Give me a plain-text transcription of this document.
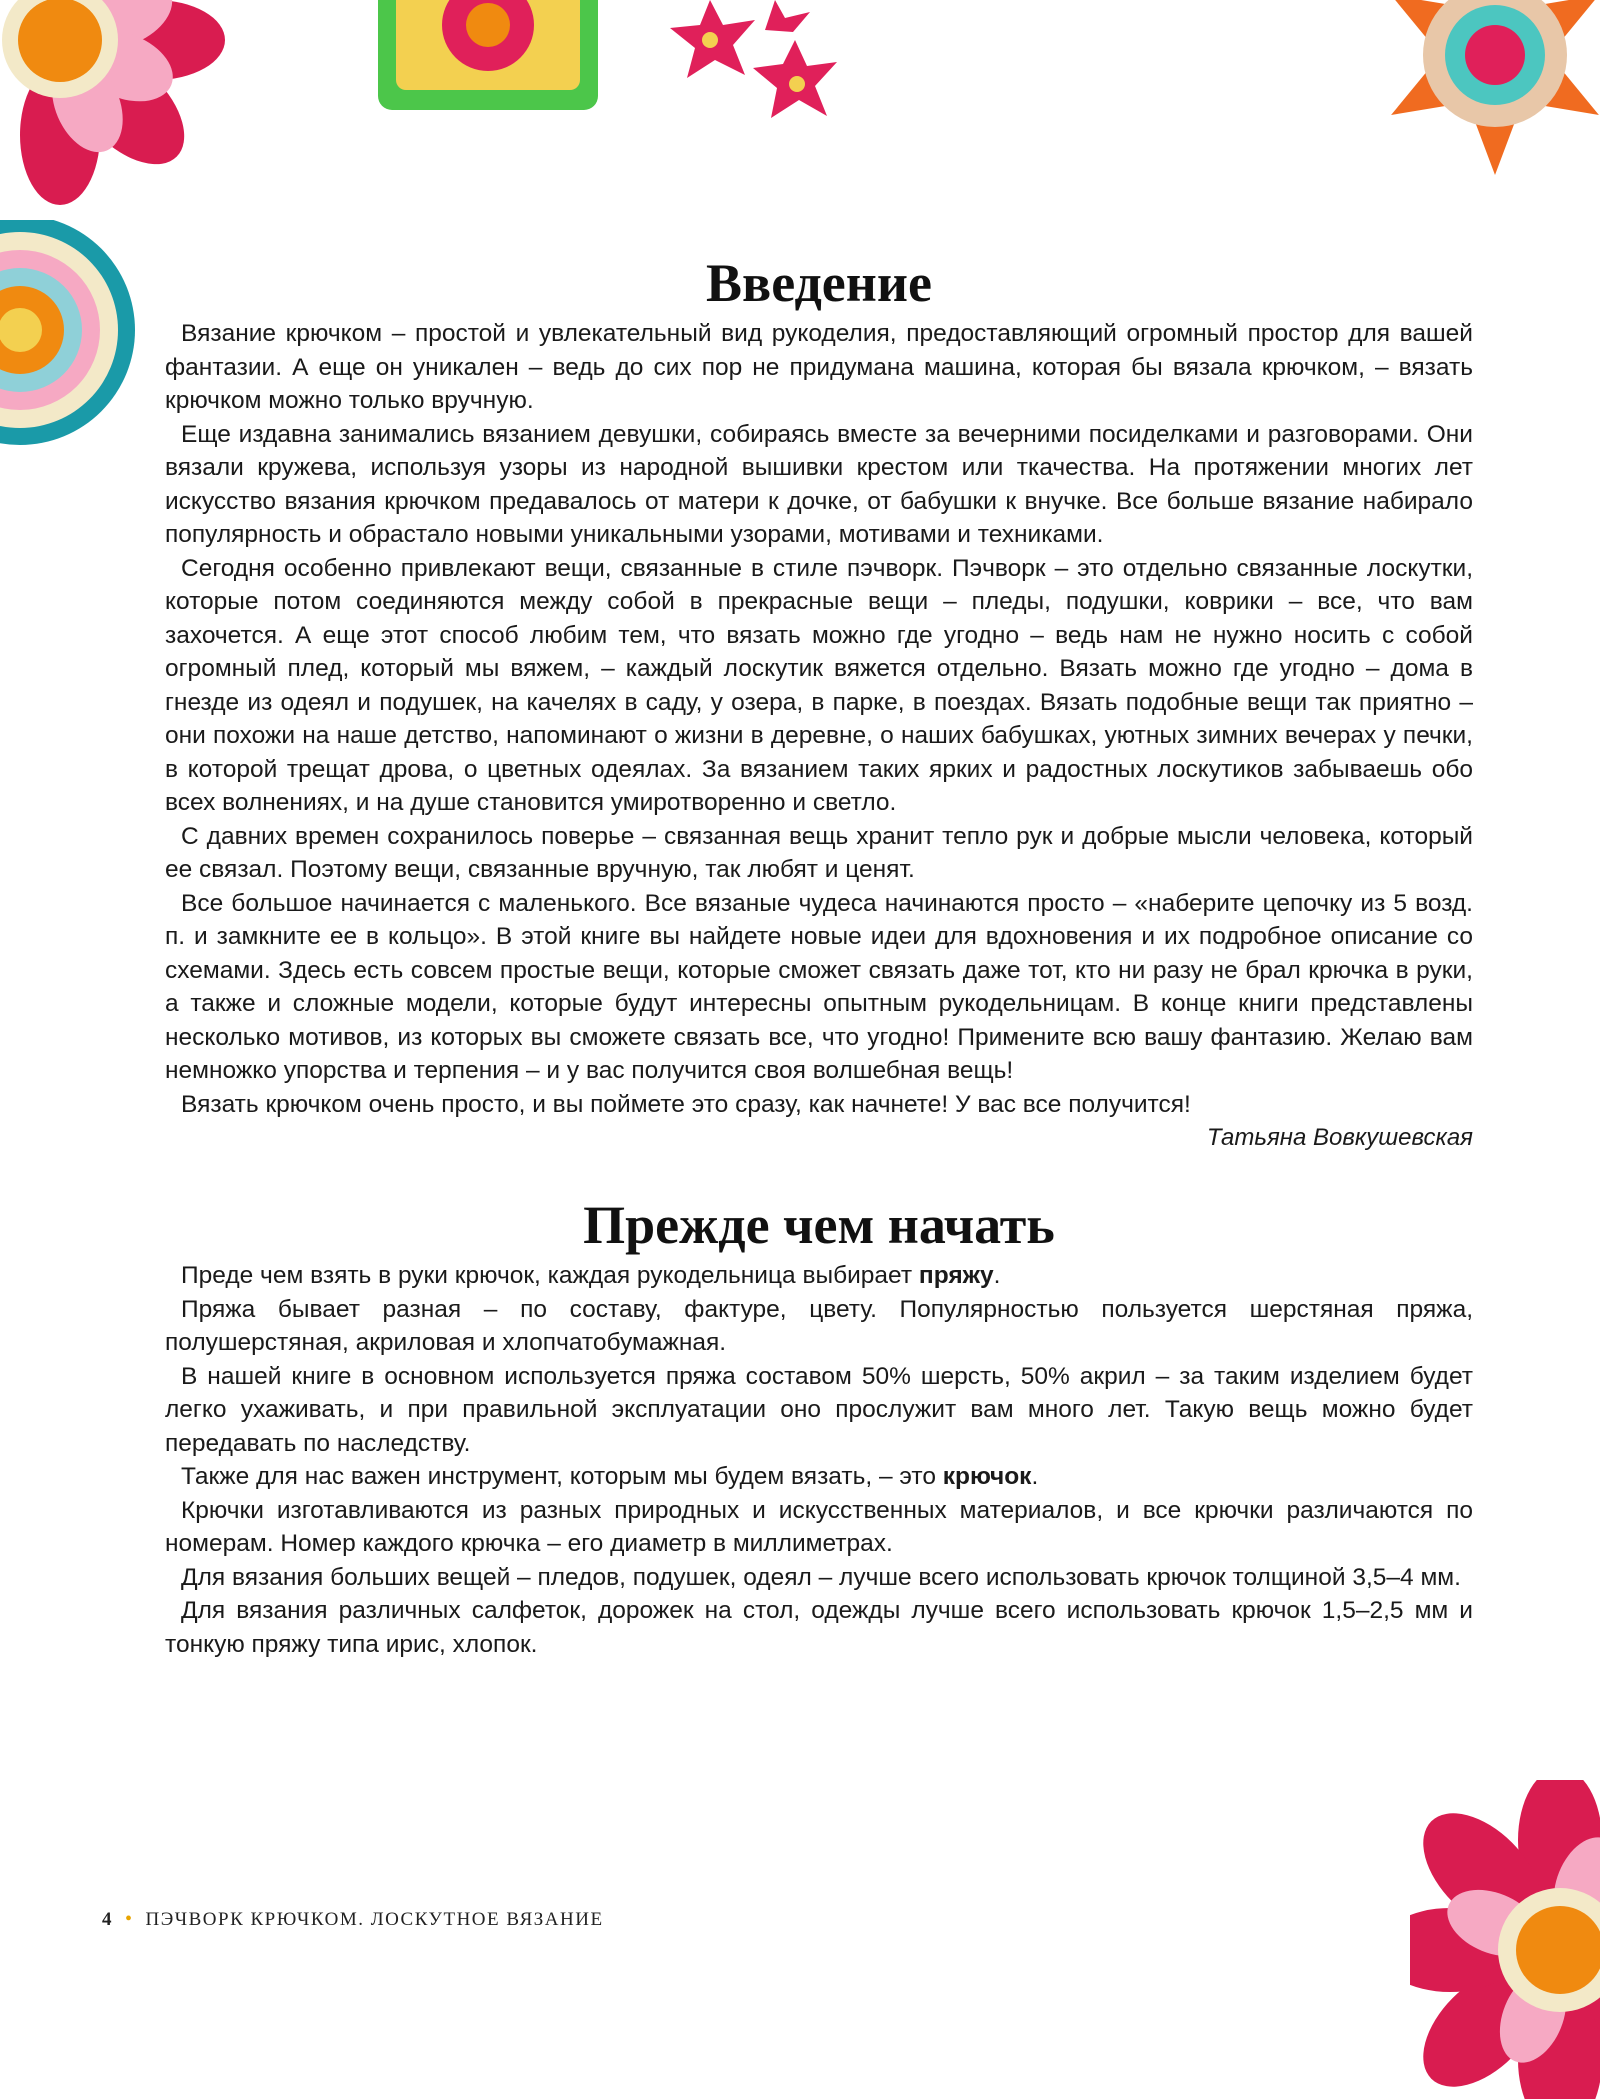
Введение

Вязание крючком – простой и увлекательный вид рукоделия, предоставляющий огромный простор для вашей фантазии. А еще он уникален – ведь до сих пор не придумана машина, которая бы вязала крючком, – вязать крючком можно только вручную.

Еще издавна занимались вязанием девушки, собираясь вместе за вечерними посиделками и разговорами. Они вязали кружева, используя узоры из народной вышивки крестом или ткачества. На протяжении многих лет искусство вязания крючком предавалось от матери к дочке, от бабушки к внучке. Все больше вязание набирало популярность и обрастало новыми уникальными узорами, мотивами и техниками.

Сегодня особенно привлекают вещи, связанные в стиле пэчворк. Пэчворк – это отдельно связанные лоскутки, которые потом соединяются между собой в прекрасные вещи – пледы, подушки, коврики – все, что вам захочется. А еще этот способ любим тем, что вязать можно где угодно – ведь нам не нужно носить с собой огромный плед, который мы вяжем, – каждый лоскутик вяжется отдельно. Вязать можно где угодно – дома в гнезде из одеял и подушек, на качелях в саду, у озера, в парке, в поездах. Вязать подобные вещи так приятно – они похожи на наше детство, напоминают о жизни в деревне, о наших бабушках, уютных зимних вечерах у печки, в которой трещат дрова, о цветных одеялах. За вязанием таких ярких и радостных лоскутиков забываешь обо всех волнениях, и на душе становится умиротворенно и светло.

С давних времен сохранилось поверье – связанная вещь хранит тепло рук и добрые мысли человека, который ее связал. Поэтому вещи, связанные вручную, так любят и ценят.

Все большое начинается с маленького. Все вязаные чудеса начинаются просто – «наберите цепочку из 5 возд. п. и замкните ее в кольцо». В этой книге вы найдете новые идеи для вдохновения и их подробное описание со схемами. Здесь есть совсем простые вещи, которые сможет связать даже тот, кто ни разу не брал крючка в руки, а также и сложные модели, которые будут интересны опытным рукодельницам. В конце книги представлены несколько мотивов, из которых вы сможете связать все, что угодно! Примените всю вашу фантазию. Желаю вам немножко упорства и терпения – и у вас получится своя волшебная вещь!

Вязать крючком очень просто, и вы поймете это сразу, как начнете! У вас все получится!

Татьяна Вовкушевская

Прежде чем начать

Преде чем взять в руки крючок, каждая рукодельница выбирает пряжу.

Пряжа бывает разная – по составу, фактуре, цвету. Популярностью пользуется шерстяная пряжа, полушерстяная, акриловая и хлопчатобумажная.

В нашей книге в основном используется пряжа составом 50% шерсть, 50% акрил – за таким изделием будет легко ухаживать, и при правильной эксплуатации оно прослужит вам много лет. Такую вещь можно будет передавать по наследству.

Также для нас важен инструмент, которым мы будем вязать, – это крючок.

Крючки изготавливаются из разных природных и искусственных материалов, и все крючки различаются по номерам. Номер каждого крючка – его диаметр в миллиметрах.

Для вязания больших вещей – пледов, подушек, одеял – лучше всего использовать крючок толщиной 3,5–4 мм.

Для вязания различных салфеток, дорожек на стол, одежды лучше всего использовать крючок 1,5–2,5 мм и тонкую пряжу типа ирис, хлопок.

4 • ПЭЧВОРК КРЮЧКОМ. ЛОСКУТНОЕ ВЯЗАНИЕ
